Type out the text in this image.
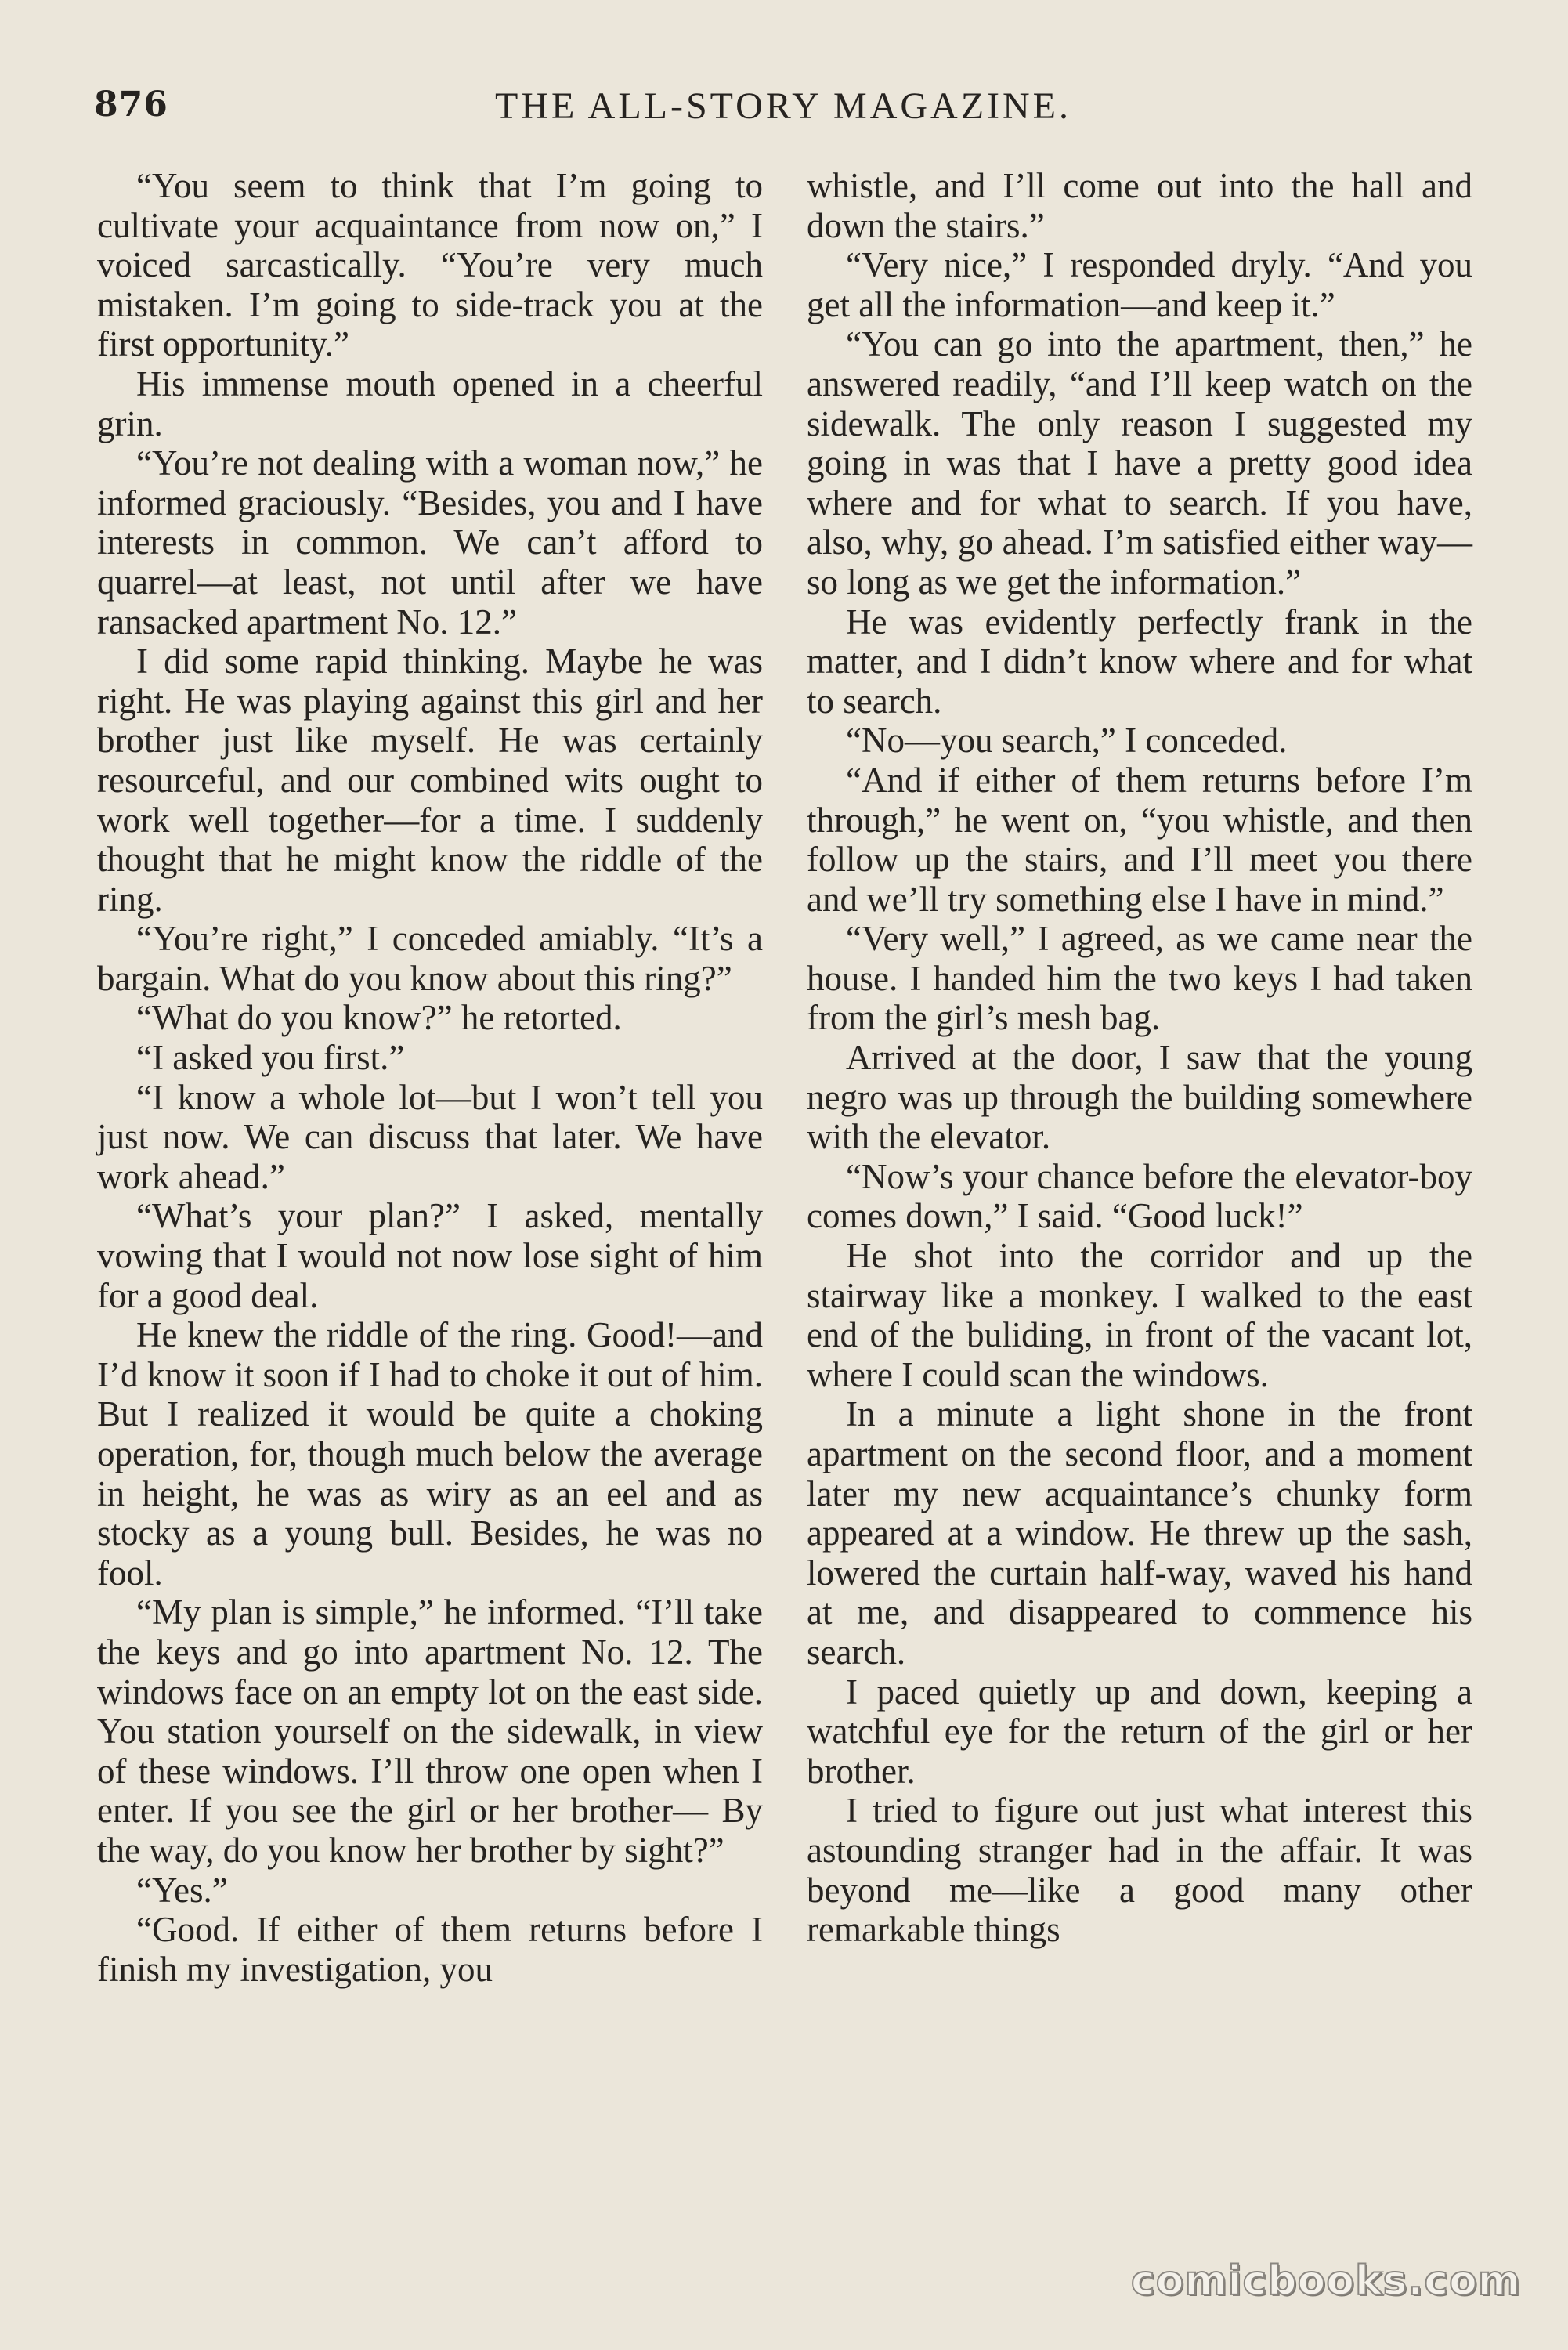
876	THE ALL-STORY MAGAZINE.

“You seem to think that I’m going to cultivate your acquaintance from now on,” I voiced sarcastically. “You’re very much mistaken. I’m going to side-track you at the first opportunity.”

His immense mouth opened in a cheerful grin.

“You’re not dealing with a woman now,” he informed graciously. “Besides, you and I have interests in common. We can’t afford to quarrel—at least, not until after we have ransacked apartment No. 12.”

I did some rapid thinking. Maybe he was right. He was playing against this girl and her brother just like myself. He was certainly resourceful, and our combined wits ought to work well together—for a time. I suddenly thought that he might know the riddle of the ring.

“You’re right,” I conceded amiably. “It’s a bargain. What do you know about this ring?”

“What do you know?” he retorted.

“I asked you first.”

“I know a whole lot—but I won’t tell you just now. We can discuss that later. We have work ahead.”

“What’s your plan?” I asked, mentally vowing that I would not now lose sight of him for a good deal.

He knew the riddle of the ring. Good!—and I’d know it soon if I had to choke it out of him. But I realized it would be quite a choking operation, for, though much below the average in height, he was as wiry as an eel and as stocky as a young bull. Besides, he was no fool.

“My plan is simple,” he informed. “I’ll take the keys and go into apartment No. 12. The windows face on an empty lot on the east side. You station yourself on the sidewalk, in view of these windows. I’ll throw one open when I enter. If you see the girl or her brother— By the way, do you know her brother by sight?”

“Yes.”

“Good. If either of them returns before I finish my investigation, you

whistle, and I’ll come out into the hall and down the stairs.”

“Very nice,” I responded dryly. “And you get all the information—and keep it.”

“You can go into the apartment, then,” he answered readily, “and I’ll keep watch on the sidewalk. The only reason I suggested my going in was that I have a pretty good idea where and for what to search. If you have, also, why, go ahead. I’m satisfied either way—so long as we get the information.”

He was evidently perfectly frank in the matter, and I didn’t know where and for what to search.

“No—you search,” I conceded.

“And if either of them returns before I’m through,” he went on, “you whistle, and then follow up the stairs, and I’ll meet you there and we’ll try something else I have in mind.”

“Very well,” I agreed, as we came near the house. I handed him the two keys I had taken from the girl’s mesh bag.

Arrived at the door, I saw that the young negro was up through the building somewhere with the elevator.

“Now’s your chance before the elevator-boy comes down,” I said. “Good luck!”

He shot into the corridor and up the stairway like a monkey. I walked to the east end of the buliding, in front of the vacant lot, where I could scan the windows.

In a minute a light shone in the front apartment on the second floor, and a moment later my new acquaintance’s chunky form appeared at a window. He threw up the sash, lowered the curtain half-way, waved his hand at me, and disappeared to commence his search.

I paced quietly up and down, keeping a watchful eye for the return of the girl or her brother.

I tried to figure out just what interest this astounding stranger had in the affair. It was beyond me—like a good many other remarkable things

comicbooks.com
